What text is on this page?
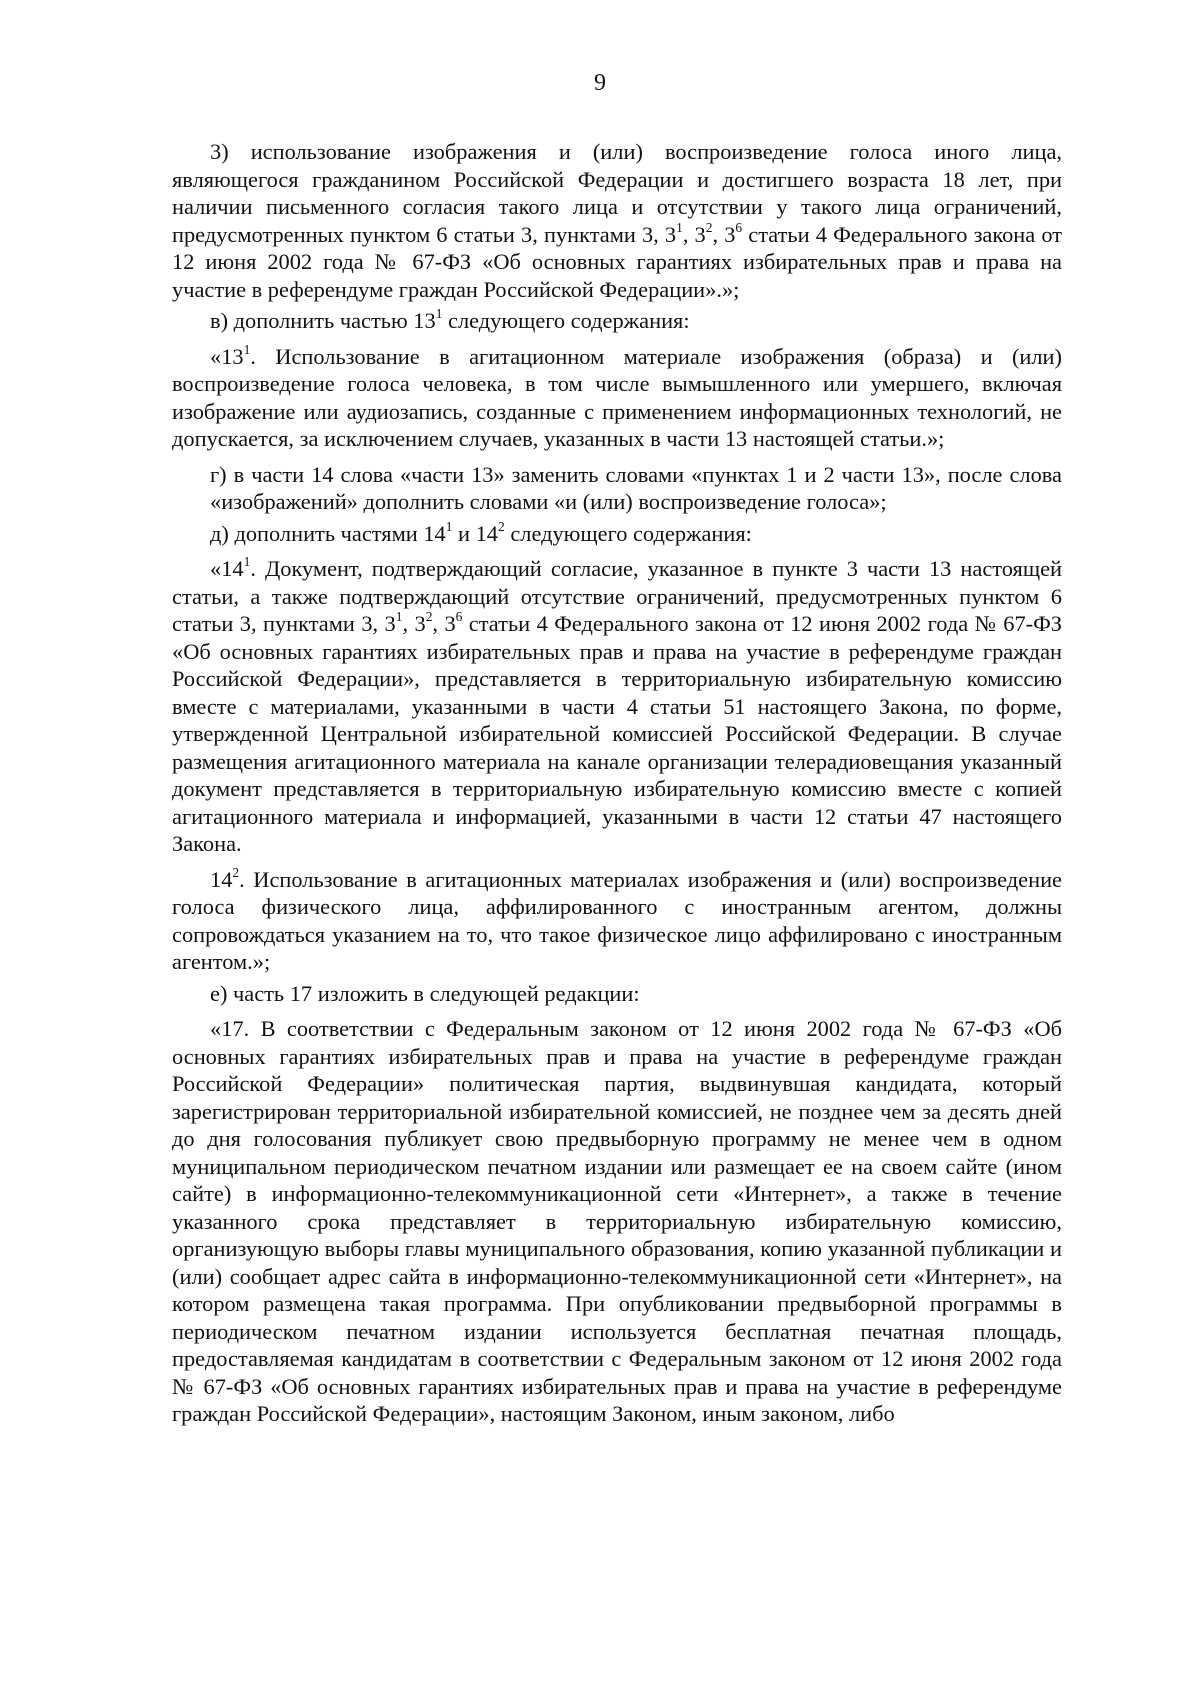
9

3) использование изображения и (или) воспроизведение голоса иного лица, являющегося гражданином Российской Федерации и достигшего возраста 18 лет, при наличии письменного согласия такого лица и отсутствии у такого лица ограничений, предусмотренных пунктом 6 статьи 3, пунктами 3, $3^1$, $3^2$, $3^6$ статьи 4 Федерального закона от 12 июня 2002 года № 67-ФЗ «Об основных гарантиях избирательных прав и права на участие в референдуме граждан Российской Федерации».»;

в) дополнить частью $13^1$ следующего содержания:

«$13^1$. Использование в агитационном материале изображения (образа) и (или) воспроизведение голоса человека, в том числе вымышленного или умершего, включая изображение или аудиозапись, созданные с применением информационных технологий, не допускается, за исключением случаев, указанных в части 13 настоящей статьи.»;

г) в части 14 слова «части 13» заменить словами «пунктах 1 и 2 части 13», после слова «изображений» дополнить словами «и (или) воспроизведение голоса»;

д) дополнить частями $14^1$ и $14^2$ следующего содержания:

«$14^1$. Документ, подтверждающий согласие, указанное в пункте 3 части 13 настоящей статьи, а также подтверждающий отсутствие ограничений, предусмотренных пунктом 6 статьи 3, пунктами 3, $3^1$, $3^2$, $3^6$ статьи 4 Федерального закона от 12 июня 2002 года № 67-ФЗ «Об основных гарантиях избирательных прав и права на участие в референдуме граждан Российской Федерации», представляется в территориальную избирательную комиссию вместе с материалами, указанными в части 4 статьи 51 настоящего Закона, по форме, утвержденной Центральной избирательной комиссией Российской Федерации. В случае размещения агитационного материала на канале организации телерадиовещания указанный документ представляется в территориальную избирательную комиссию вместе с копией агитационного материала и информацией, указанными в части 12 статьи 47 настоящего Закона.

$14^2$. Использование в агитационных материалах изображения и (или) воспроизведение голоса физического лица, аффилированного с иностранным агентом, должны сопровождаться указанием на то, что такое физическое лицо аффилировано с иностранным агентом.»;

е) часть 17 изложить в следующей редакции:

«17. В соответствии с Федеральным законом от 12 июня 2002 года № 67-ФЗ «Об основных гарантиях избирательных прав и права на участие в референдуме граждан Российской Федерации» политическая партия, выдвинувшая кандидата, который зарегистрирован территориальной избирательной комиссией, не позднее чем за десять дней до дня голосования публикует свою предвыборную программу не менее чем в одном муниципальном периодическом печатном издании или размещает ее на своем сайте (ином сайте) в информационно-телекоммуникационной сети «Интернет», а также в течение указанного срока представляет в территориальную избирательную комиссию, организующую выборы главы муниципального образования, копию указанной публикации и (или) сообщает адрес сайта в информационно-телекоммуникационной сети «Интернет», на котором размещена такая программа. При опубликовании предвыборной программы в периодическом печатном издании используется бесплатная печатная площадь, предоставляемая кандидатам в соответствии с Федеральным законом от 12 июня 2002 года № 67-ФЗ «Об основных гарантиях избирательных прав и права на участие в референдуме граждан Российской Федерации», настоящим Законом, иным законом, либо
